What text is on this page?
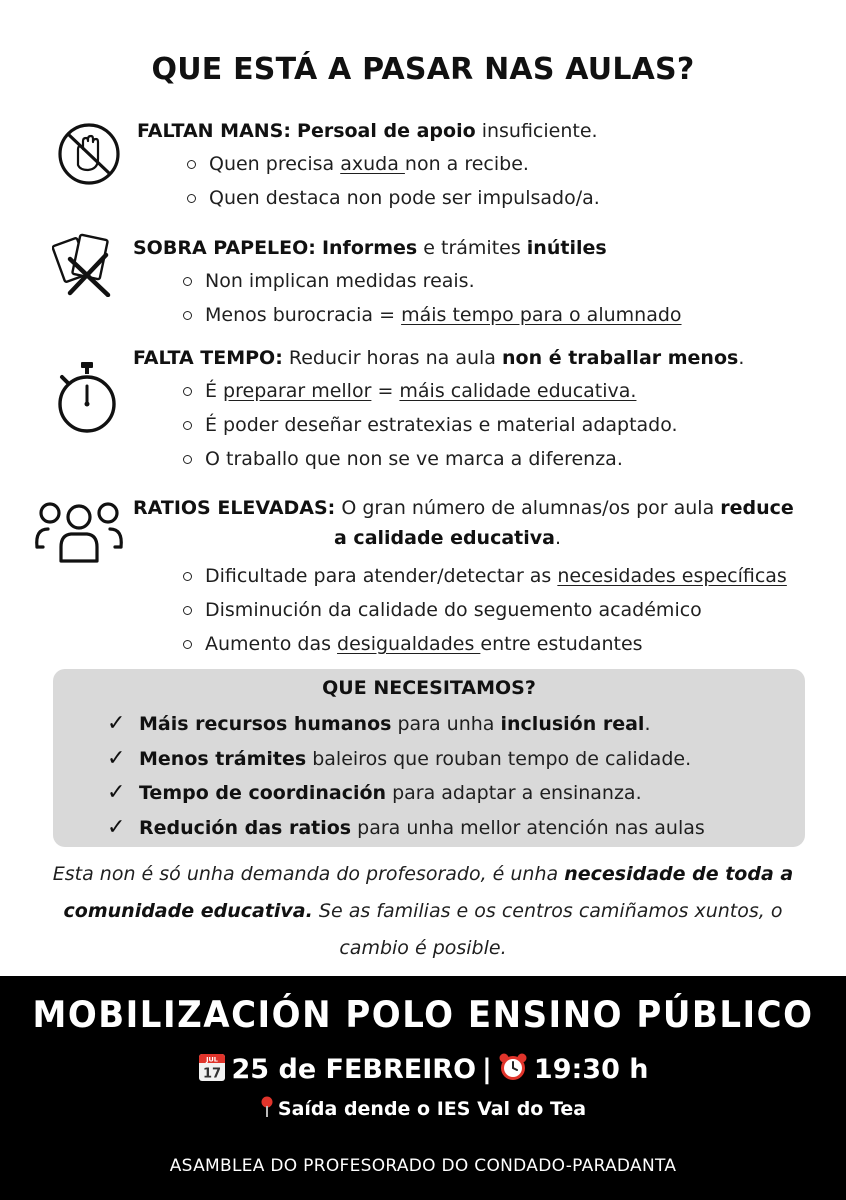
QUE ESTÁ A PASAR NAS AULAS?
FALTAN MANS: Persoal de apoio insuficiente.
Quen precisa axuda non a recibe.
Quen destaca non pode ser impulsado/a.
SOBRA PAPELEO: Informes e trámites inútiles
Non implican medidas reais.
Menos burocracia = máis tempo para o alumnado
FALTA TEMPO: Reducir horas na aula non é traballar menos.
É preparar mellor = máis calidade educativa.
É poder deseñar estratexias e material adaptado.
O traballo que non se ve marca a diferenza.
RATIOS ELEVADAS: O gran número de alumnas/os por aula reduce
a calidade educativa.
Dificultade para atender/detectar as necesidades específicas
Disminución da calidade do seguemento académico
Aumento das desigualdades entre estudantes
QUE NECESITAMOS?
✓ Máis recursos humanos para unha inclusión real.
✓ Menos trámites baleiros que rouban tempo de calidade.
✓ Tempo de coordinación para adaptar a ensinanza.
✓ Redución das ratios para unha mellor atención nas aulas
Esta non é só unha demanda do profesorado, é unha necesidade de toda a comunidade educativa. Se as familias e os centros camiñamos xuntos, o cambio é posible.
MOBILIZACIÓN POLO ENSINO PÚBLICO
JUL
17 25 de FEBREIRO | 19:30 h
Saída dende o IES Val do Tea
ASAMBLEA DO PROFESORADO DO CONDADO-PARADANTA
